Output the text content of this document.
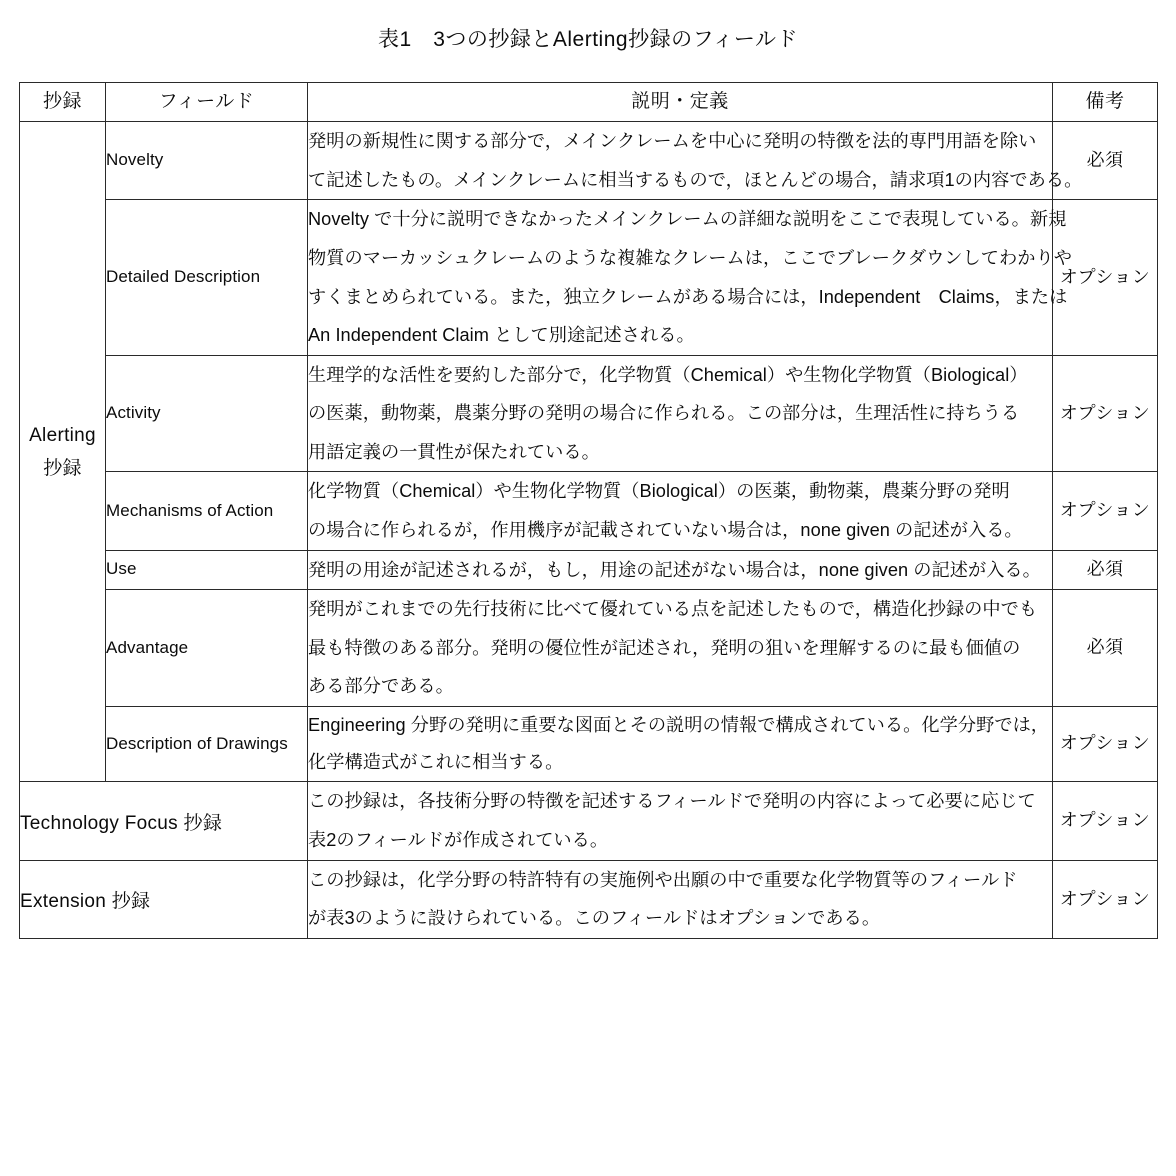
表1　3つの抄録とAlerting抄録のフィールド
抄録	フィールド	説明・定義	備考

Alerting
抄録	Novelty	発明の新規性に関する部分で，メインクレームを中心に発明の特徴を法的専門用語を除い
て記述したもの。メインクレームに相当するもので，ほとんどの場合，請求項1の内容である。	必須
	Detailed Description	Novelty で十分に説明できなかったメインクレームの詳細な説明をここで表現している。新規
物質のマーカッシュクレームのような複雑なクレームは，ここでブレークダウンしてわかりや
すくまとめられている。また，独立クレームがある場合には，Independent　Claims，または
An Independent Claim として別途記述される。	オプション
	Activity	生理学的な活性を要約した部分で，化学物質（Chemical）や生物化学物質（Biological）
の医薬，動物薬，農薬分野の発明の場合に作られる。この部分は，生理活性に持ちうる
用語定義の一貫性が保たれている。	オプション
	Mechanisms of Action	化学物質（Chemical）や生物化学物質（Biological）の医薬，動物薬，農薬分野の発明
の場合に作られるが，作用機序が記載されていない場合は，none given の記述が入る。	オプション
	Use	発明の用途が記述されるが，もし，用途の記述がない場合は，none given の記述が入る。	必須
	Advantage	発明がこれまでの先行技術に比べて優れている点を記述したもので，構造化抄録の中でも
最も特徴のある部分。発明の優位性が記述され，発明の狙いを理解するのに最も価値の
ある部分である。	必須
	Description of Drawings	Engineering 分野の発明に重要な図面とその説明の情報で構成されている。化学分野では，
化学構造式がこれに相当する。	オプション
Technology Focus 抄録		この抄録は，各技術分野の特徴を記述するフィールドで発明の内容によって必要に応じて
表2のフィールドが作成されている。	オプション
Extension 抄録		この抄録は，化学分野の特許特有の実施例や出願の中で重要な化学物質等のフィールド
が表3のように設けられている。このフィールドはオプションである。	オプション
